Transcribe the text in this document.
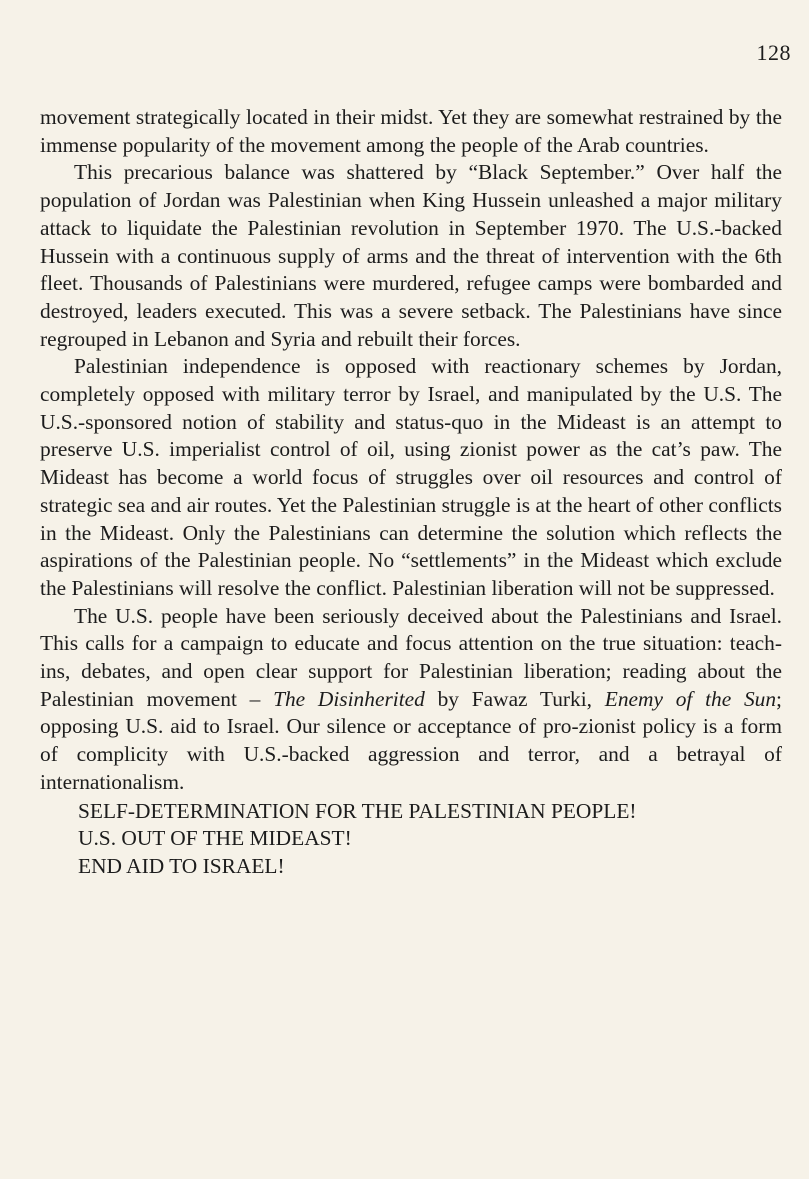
128

movement strategically located in their midst. Yet they are somewhat restrained by the immense popularity of the movement among the people of the Arab countries.

This precarious balance was shattered by “Black September.” Over half the population of Jordan was Palestinian when King Hussein unleashed a major military attack to liquidate the Palestinian revolution in September 1970. The U.S.-backed Hussein with a continuous supply of arms and the threat of intervention with the 6th fleet. Thousands of Palestinians were murdered, refugee camps were bombarded and destroyed, leaders executed. This was a severe setback. The Palestinians have since regrouped in Lebanon and Syria and rebuilt their forces.

Palestinian independence is opposed with reactionary schemes by Jordan, completely opposed with military terror by Israel, and manipulated by the U.S. The U.S.-sponsored notion of stability and status-quo in the Mideast is an attempt to preserve U.S. imperialist control of oil, using zionist power as the cat’s paw. The Mideast has become a world focus of struggles over oil resources and control of strategic sea and air routes. Yet the Palestinian struggle is at the heart of other conflicts in the Mideast. Only the Palestinians can determine the solution which reflects the aspirations of the Palestinian people. No “settlements” in the Mideast which exclude the Palestinians will resolve the conflict. Palestinian liberation will not be suppressed.

The U.S. people have been seriously deceived about the Palestinians and Israel. This calls for a campaign to educate and focus attention on the true situation: teach-ins, debates, and open clear support for Palestinian liberation; reading about the Palestinian movement – The Disinherited by Fawaz Turki, Enemy of the Sun; opposing U.S. aid to Israel. Our silence or acceptance of pro-zionist policy is a form of complicity with U.S.-backed aggression and terror, and a betrayal of internationalism.

SELF-DETERMINATION FOR THE PALESTINIAN PEOPLE!
U.S. OUT OF THE MIDEAST!
END AID TO ISRAEL!
